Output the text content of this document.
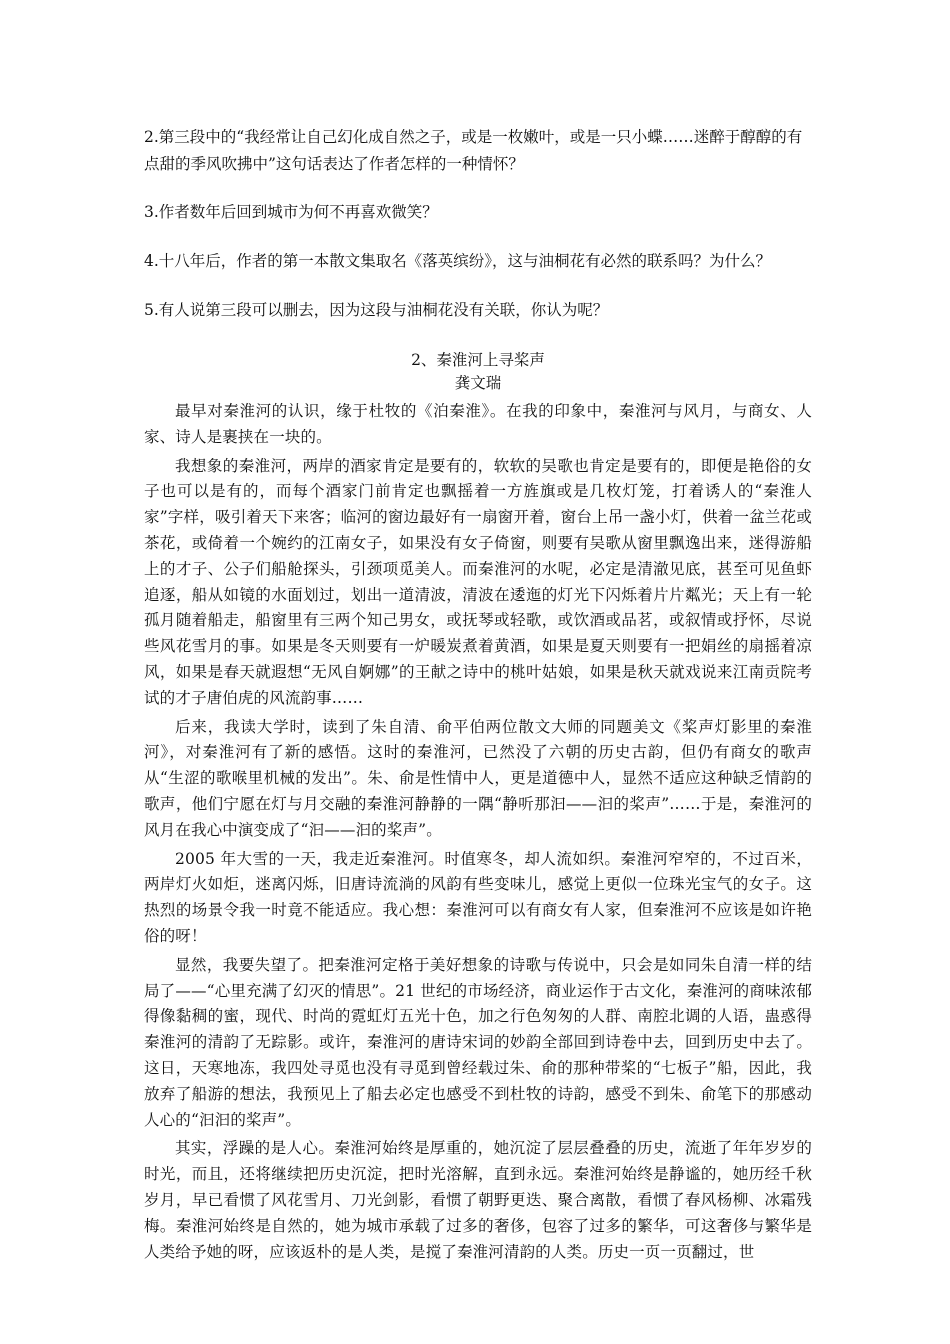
2.第三段中的“我经常让自己幻化成自然之子，或是一枚嫩叶，或是一只小蝶……迷醉于醇醇的有点甜的季风吹拂中”这句话表达了作者怎样的一种情怀？

3.作者数年后回到城市为何不再喜欢微笑？

4.十八年后，作者的第一本散文集取名《落英缤纷》，这与油桐花有必然的联系吗？为什么？

5.有人说第三段可以删去，因为这段与油桐花没有关联，你认为呢？

2、秦淮河上寻桨声

龚文瑞

最早对秦淮河的认识，缘于杜牧的《泊秦淮》。在我的印象中，秦淮河与风月，与商女、人家、诗人是裹挟在一块的。

我想象的秦淮河，两岸的酒家肯定是要有的，软软的吴歌也肯定是要有的，即便是艳俗的女子也可以是有的，而每个酒家门前肯定也飘摇着一方旌旗或是几枚灯笼，打着诱人的“秦淮人家”字样，吸引着天下来客；临河的窗边最好有一扇窗开着，窗台上吊一盏小灯，供着一盆兰花或茶花，或倚着一个婉约的江南女子，如果没有女子倚窗，则要有吴歌从窗里飘逸出来，迷得游船上的才子、公子们船舱探头，引颈项觅美人。而秦淮河的水呢，必定是清澈见底，甚至可见鱼虾追逐，船从如镜的水面划过，划出一道清波，清波在逶迤的灯光下闪烁着片片粼光；天上有一轮孤月随着船走，船窗里有三两个知己男女，或抚琴或轻歌，或饮酒或品茗，或叙情或抒怀，尽说些风花雪月的事。如果是冬天则要有一炉暖炭煮着黄酒，如果是夏天则要有一把娟丝的扇摇着凉风，如果是春天就遐想“无风自婀娜”的王献之诗中的桃叶姑娘，如果是秋天就戏说来江南贡院考试的才子唐伯虎的风流韵事……

后来，我读大学时，读到了朱自清、俞平伯两位散文大师的同题美文《桨声灯影里的秦淮河》，对秦淮河有了新的感悟。这时的秦淮河，已然没了六朝的历史古韵，但仍有商女的歌声从“生涩的歌喉里机械的发出”。朱、俞是性情中人，更是道德中人，显然不适应这种缺乏情韵的歌声，他们宁愿在灯与月交融的秦淮河静静的一隅“静听那汩——汩的桨声”……于是，秦淮河的风月在我心中演变成了“汩——汩的桨声”。

2005 年大雪的一天，我走近秦淮河。时值寒冬，却人流如织。秦淮河窄窄的，不过百米，两岸灯火如炬，迷离闪烁，旧唐诗流淌的风韵有些变味儿，感觉上更似一位珠光宝气的女子。这热烈的场景令我一时竟不能适应。我心想：秦淮河可以有商女有人家，但秦淮河不应该是如许艳俗的呀！

显然，我要失望了。把秦淮河定格于美好想象的诗歌与传说中，只会是如同朱自清一样的结局了——“心里充满了幻灭的情思”。21 世纪的市场经济，商业运作于古文化，秦淮河的商味浓郁得像黏稠的蜜，现代、时尚的霓虹灯五光十色，加之行色匆匆的人群、南腔北调的人语，蛊惑得秦淮河的清韵了无踪影。或许，秦淮河的唐诗宋词的妙韵全部回到诗卷中去，回到历史中去了。这日，天寒地冻，我四处寻觅也没有寻觅到曾经载过朱、俞的那种带桨的“七板子”船，因此，我放弃了船游的想法，我预见上了船去必定也感受不到杜牧的诗韵，感受不到朱、俞笔下的那感动人心的“汩汩的桨声”。

其实，浮躁的是人心。秦淮河始终是厚重的，她沉淀了层层叠叠的历史，流逝了年年岁岁的时光，而且，还将继续把历史沉淀，把时光溶解，直到永远。秦淮河始终是静谧的，她历经千秋岁月，早已看惯了风花雪月、刀光剑影，看惯了朝野更迭、聚合离散，看惯了春风杨柳、冰霜残梅。秦淮河始终是自然的，她为城市承载了过多的奢侈，包容了过多的繁华，可这奢侈与繁华是人类给予她的呀，应该返朴的是人类，是搅了秦淮河清韵的人类。历史一页一页翻过，世
